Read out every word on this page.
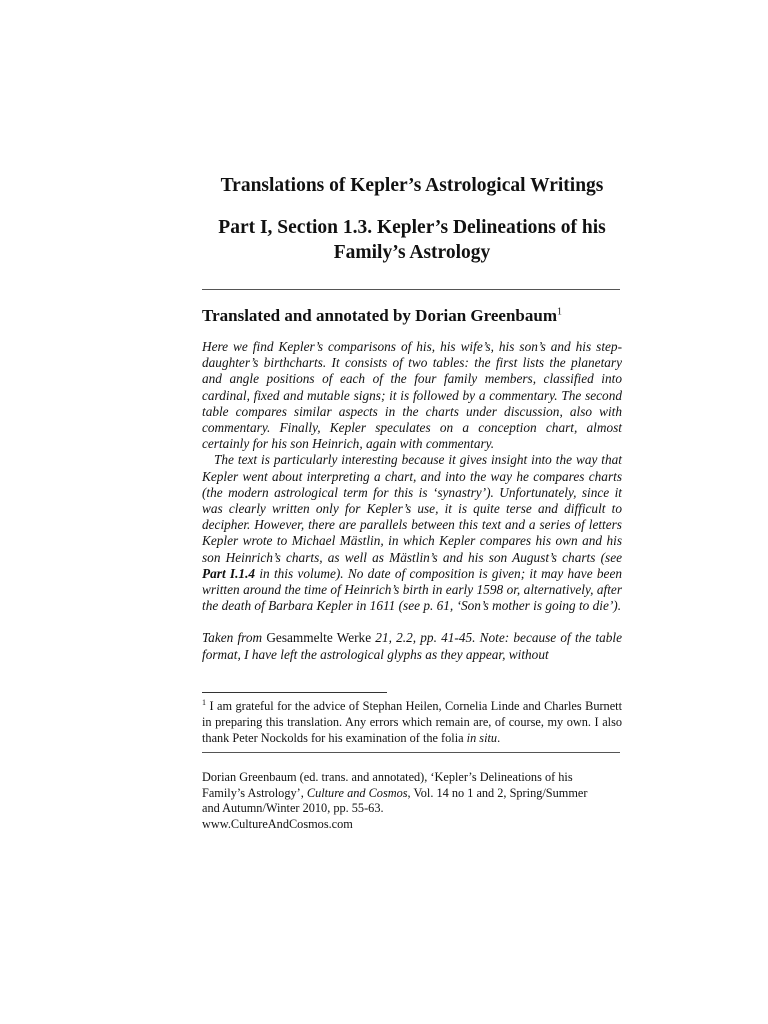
Translations of Kepler’s Astrological Writings
Part I, Section 1.3. Kepler’s Delineations of his
Family’s Astrology

Translated and annotated by Dorian Greenbaum$^1$

Here we find Kepler’s comparisons of his, his wife’s, his son’s and his step-daughter’s birthcharts. It consists of two tables: the first lists the planetary and angle positions of each of the four family members, classified into cardinal, fixed and mutable signs; it is followed by a commentary. The second table compares similar aspects in the charts under discussion, also with commentary. Finally, Kepler speculates on a conception chart, almost certainly for his son Heinrich, again with commentary.

The text is particularly interesting because it gives insight into the way that Kepler went about interpreting a chart, and into the way he compares charts (the modern astrological term for this is ‘synastry’). Unfortunately, since it was clearly written only for Kepler’s use, it is quite terse and difficult to decipher. However, there are parallels between this text and a series of letters Kepler wrote to Michael Mästlin, in which Kepler compares his own and his son Heinrich’s charts, as well as Mästlin’s and his son August’s charts (see Part I.1.4 in this volume). No date of composition is given; it may have been written around the time of Heinrich’s birth in early 1598 or, alternatively, after the death of Barbara Kepler in 1611 (see p. 61, ‘Son’s mother is going to die’).

Taken from Gesammelte Werke 21, 2.2, pp. 41-45. Note: because of the table format, I have left the astrological glyphs as they appear, without

$^1$ I am grateful for the advice of Stephan Heilen, Cornelia Linde and Charles Burnett in preparing this translation. Any errors which remain are, of course, my own. I also thank Peter Nockolds for his examination of the folia in situ.

Dorian Greenbaum (ed. trans. and annotated), ‘Kepler’s Delineations of his
Family’s Astrology’, Culture and Cosmos, Vol. 14 no 1 and 2, Spring/Summer
and Autumn/Winter 2010, pp. 55-63.
www.CultureAndCosmos.com
